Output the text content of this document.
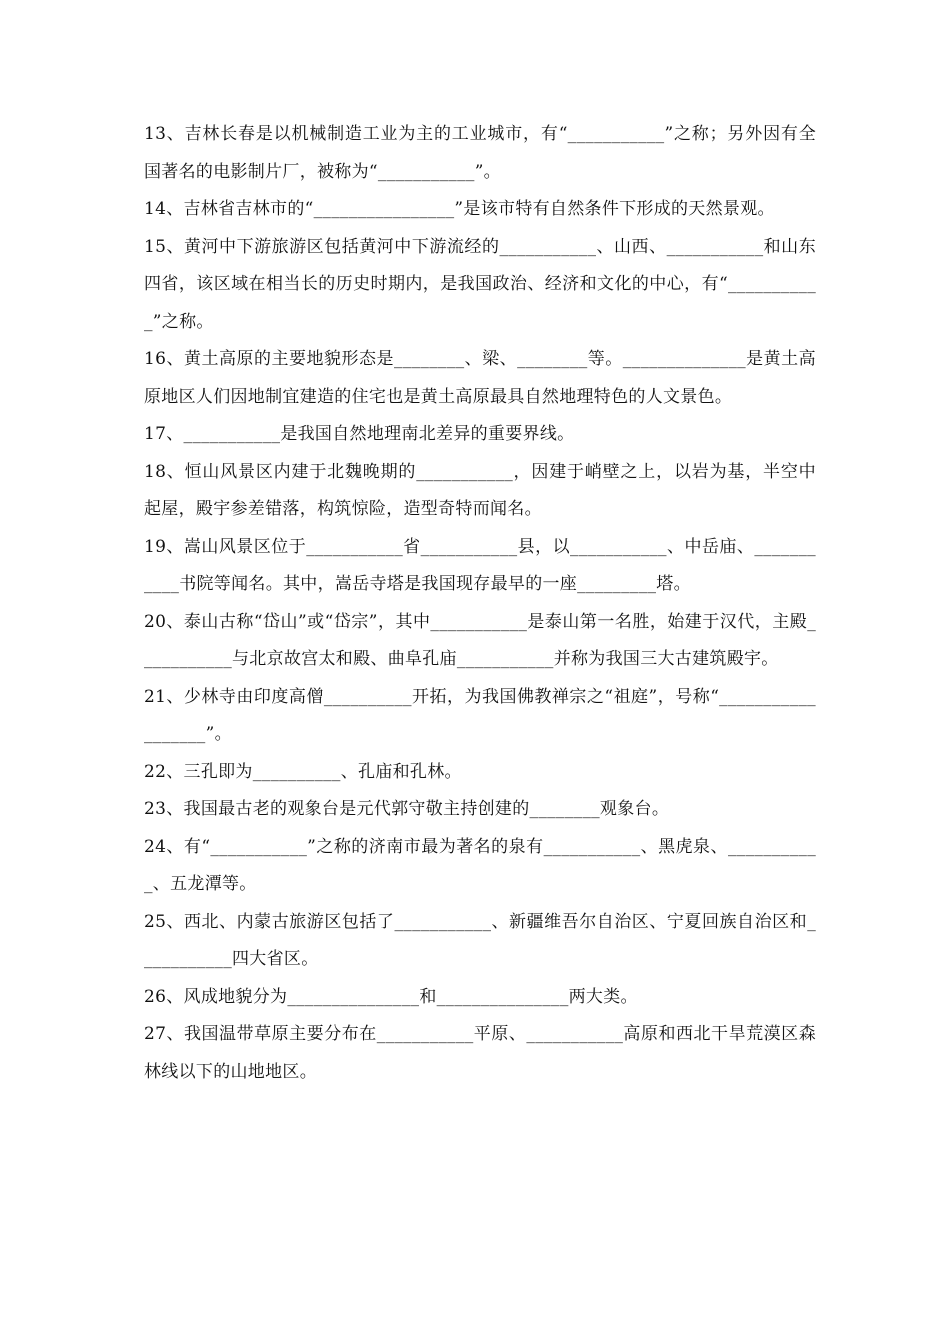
13、吉林长春是以机械制造工业为主的工业城市，有“___________”之称；另外因有全国著名的电影制片厂，被称为“___________”。

14、吉林省吉林市的“________________”是该市特有自然条件下形成的天然景观。

15、黄河中下游旅游区包括黄河中下游流经的___________、山西、___________和山东四省，该区域在相当长的历史时期内，是我国政治、经济和文化的中心，有“___________”之称。

16、黄土高原的主要地貌形态是________、梁、________等。______________是黄土高原地区人们因地制宜建造的住宅也是黄土高原最具自然地理特色的人文景色。

17、___________是我国自然地理南北差异的重要界线。

18、恒山风景区内建于北魏晚期的___________，因建于峭壁之上，以岩为基，半空中起屋，殿宇参差错落，构筑惊险，造型奇特而闻名。

19、嵩山风景区位于___________省___________县，以___________、中岳庙、___________书院等闻名。其中，嵩岳寺塔是我国现存最早的一座_________塔。

20、泰山古称“岱山”或“岱宗”，其中___________是泰山第一名胜，始建于汉代，主殿___________与北京故宫太和殿、曲阜孔庙___________并称为我国三大古建筑殿宇。

21、少林寺由印度高僧__________开拓，为我国佛教禅宗之“祖庭”，号称“__________________”。

22、三孔即为__________、孔庙和孔林。

23、我国最古老的观象台是元代郭守敬主持创建的________观象台。

24、有“___________”之称的济南市最为著名的泉有___________、黑虎泉、___________、五龙潭等。

25、西北、内蒙古旅游区包括了___________、新疆维吾尔自治区、宁夏回族自治区和___________四大省区。

26、风成地貌分为_______________和_______________两大类。

27、我国温带草原主要分布在___________平原、___________高原和西北干旱荒漠区森林线以下的山地地区。
